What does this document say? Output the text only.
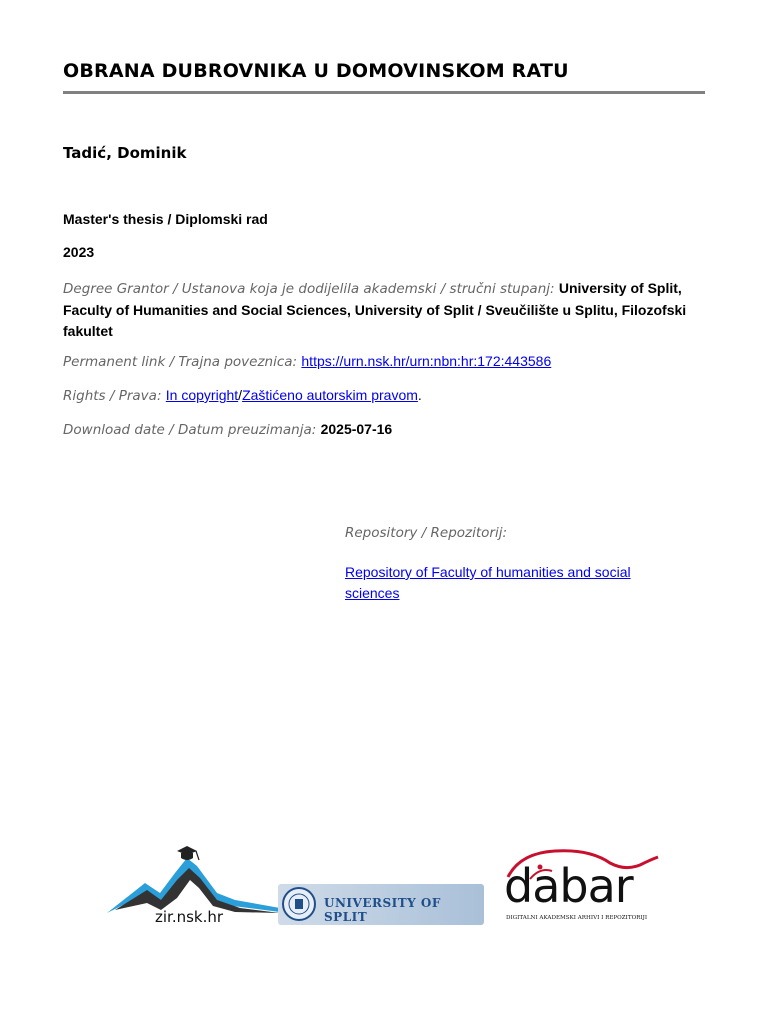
OBRANA DUBROVNIKA U DOMOVINSKOM RATU
Tadić, Dominik
Master's thesis / Diplomski rad
2023
Degree Grantor / Ustanova koja je dodijelila akademski / stručni stupanj: University of Split, Faculty of Humanities and Social Sciences, University of Split / Sveučilište u Splitu, Filozofski fakultet
Permanent link / Trajna poveznica: https://urn.nsk.hr/urn:nbn:hr:172:443586
Rights / Prava: In copyright/Zaštićeno autorskim pravom.
Download date / Datum preuzimanja: 2025-07-16
Repository / Repozitorij:
Repository of Faculty of humanities and social sciences
zir.nsk.hr
UNIVERSITY OF SPLIT
dabar
DIGITALNI AKADEMSKI ARHIVI I REPOZITORIJI
